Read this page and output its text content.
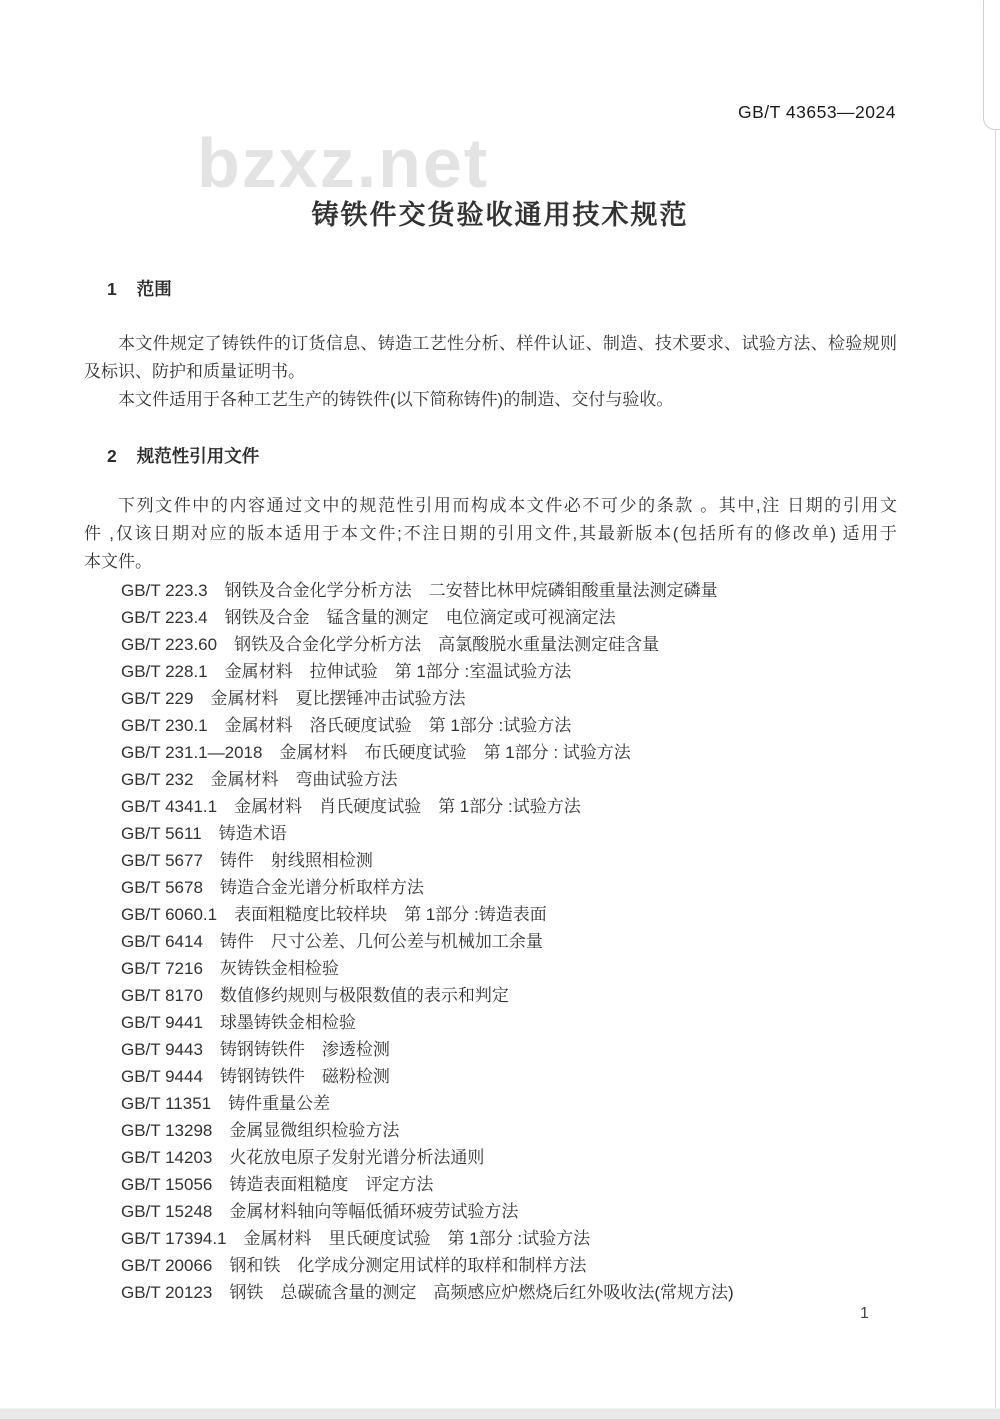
GB/T 43653—2024
bzxz.net
铸铁件交货验收通用技术规范
1 范围
本文件规定了铸铁件的订货信息、铸造工艺性分析、样件认证、制造、技术要求、试验方法、检验规则
及标识、防护和质量证明书。
本文件适用于各种工艺生产的铸铁件(以下简称铸件)的制造、交付与验收。
2 规范性引用文件
下列文件中的内容通过文中的规范性引用而构成本文件必不可少的条款 。其中,注 日期的引用文
件 ,仅该日期对应的版本适用于本文件;不注日期的引用文件,其最新版本(包括所有的修改单) 适用于
本文件。
GB/T 223.3　钢铁及合金化学分析方法　二安替比林甲烷磷钼酸重量法测定磷量
GB/T 223.4　钢铁及合金　锰含量的测定　电位滴定或可视滴定法
GB/T 223.60　钢铁及合金化学分析方法　高氯酸脱水重量法测定硅含量
GB/T 228.1　金属材料　拉伸试验　第 1部分 :室温试验方法
GB/T 229　金属材料　夏比摆锤冲击试验方法
GB/T 230.1　金属材料　洛氏硬度试验　第 1部分 :试验方法
GB/T 231.1—2018　金属材料　布氏硬度试验　第 1部分 : 试验方法
GB/T 232　金属材料　弯曲试验方法
GB/T 4341.1　金属材料　肖氏硬度试验　第 1部分 :试验方法
GB/T 5611　铸造术语
GB/T 5677　铸件　射线照相检测
GB/T 5678　铸造合金光谱分析取样方法
GB/T 6060.1　表面粗糙度比较样块　第 1部分 :铸造表面
GB/T 6414　铸件　尺寸公差、几何公差与机械加工余量
GB/T 7216　灰铸铁金相检验
GB/T 8170　数值修约规则与极限数值的表示和判定
GB/T 9441　球墨铸铁金相检验
GB/T 9443　铸钢铸铁件　渗透检测
GB/T 9444　铸钢铸铁件　磁粉检测
GB/T 11351　铸件重量公差
GB/T 13298　金属显微组织检验方法
GB/T 14203　火花放电原子发射光谱分析法通则
GB/T 15056　铸造表面粗糙度　评定方法
GB/T 15248　金属材料轴向等幅低循环疲劳试验方法
GB/T 17394.1　金属材料　里氏硬度试验　第 1部分 :试验方法
GB/T 20066　钢和铁　化学成分测定用试样的取样和制样方法
GB/T 20123　钢铁　总碳硫含量的测定　高频感应炉燃烧后红外吸收法(常规方法)
1
